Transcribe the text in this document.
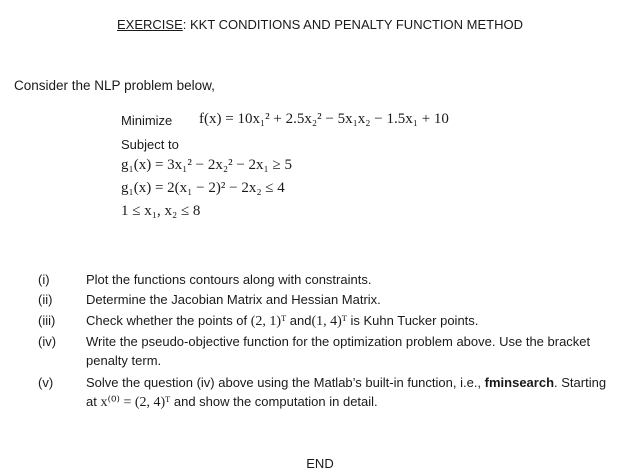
EXERCISE: KKT CONDITIONS AND PENALTY FUNCTION METHOD
Consider the NLP problem below,
Minimize f(x) = 10x₁² + 2.5x₂² − 5x₁x₂ − 1.5x₁ + 10
Subject to
g₁(x) = 3x₁² − 2x₂² − 2x₁ ≥ 5
g₁(x) = 2(x₁ − 2)² − 2x₂ ≤ 4
1 ≤ x₁, x₂ ≤ 8
(i)	Plot the functions contours along with constraints.
(ii)	Determine the Jacobian Matrix and Hessian Matrix.
(iii) Check whether the points of (2, 1)ᵀ and(1, 4)ᵀ is Kuhn Tucker points.
(iv) Write the pseudo-objective function for the optimization problem above. Use the bracket penalty term.
(v)	Solve the question (iv) above using the Matlab’s built-in function, i.e., fminsearch. Starting at x⁽⁰⁾ = (2, 4)ᵀ and show the computation in detail.
END
